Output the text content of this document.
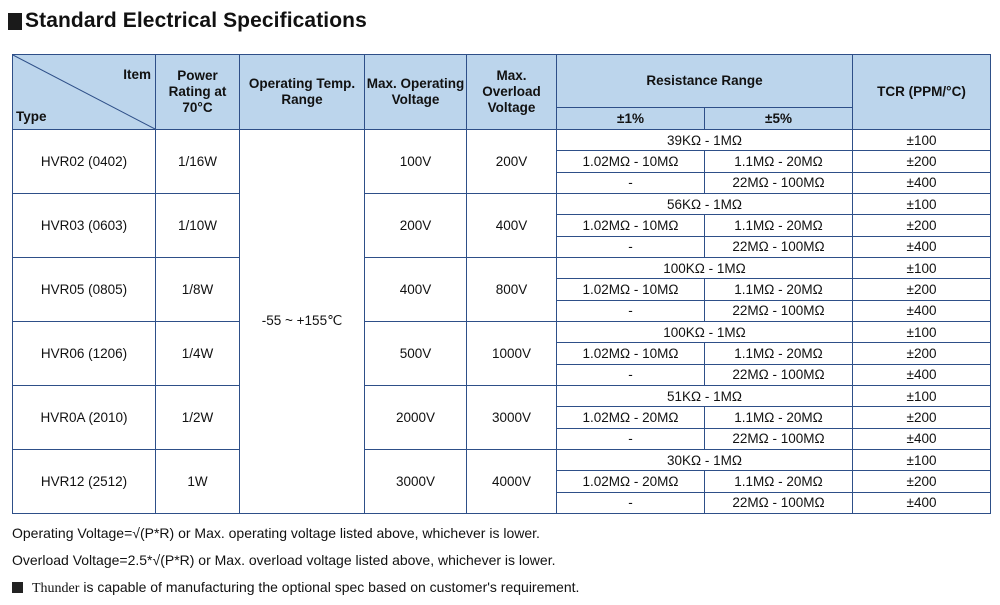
Standard Electrical Specifications
Item
Type	Power Rating at 70°C	Operating Temp. Range	Max. Operating Voltage	Max. Overload Voltage	Resistance Range		TCR (PPM/°C)
					±1%	±5%	
HVR02 (0402)	1/16W	-55 ~ +155℃	100V	200V	39KΩ - 1MΩ		±100
					1.02MΩ - 10MΩ	1.1MΩ - 20MΩ	±200
					-	22MΩ - 100MΩ	±400
HVR03 (0603)	1/10W		200V	400V	56KΩ - 1MΩ		±100
					1.02MΩ - 10MΩ	1.1MΩ - 20MΩ	±200
					-	22MΩ - 100MΩ	±400
HVR05 (0805)	1/8W		400V	800V	100KΩ - 1MΩ		±100
					1.02MΩ - 10MΩ	1.1MΩ - 20MΩ	±200
					-	22MΩ - 100MΩ	±400
HVR06 (1206)	1/4W		500V	1000V	100KΩ - 1MΩ		±100
					1.02MΩ - 10MΩ	1.1MΩ - 20MΩ	±200
					-	22MΩ - 100MΩ	±400
HVR0A (2010)	1/2W		2000V	3000V	51KΩ - 1MΩ		±100
					1.02MΩ - 20MΩ	1.1MΩ - 20MΩ	±200
					-	22MΩ - 100MΩ	±400
HVR12 (2512)	1W		3000V	4000V	30KΩ - 1MΩ		±100
					1.02MΩ - 20MΩ	1.1MΩ - 20MΩ	±200
					-	22MΩ - 100MΩ	±400
Operating Voltage=√(P*R) or Max. operating voltage listed above, whichever is lower.
Overload Voltage=2.5*√(P*R) or Max. overload voltage listed above, whichever is lower.
Thunder is capable of manufacturing the optional spec based on customer's requirement.
